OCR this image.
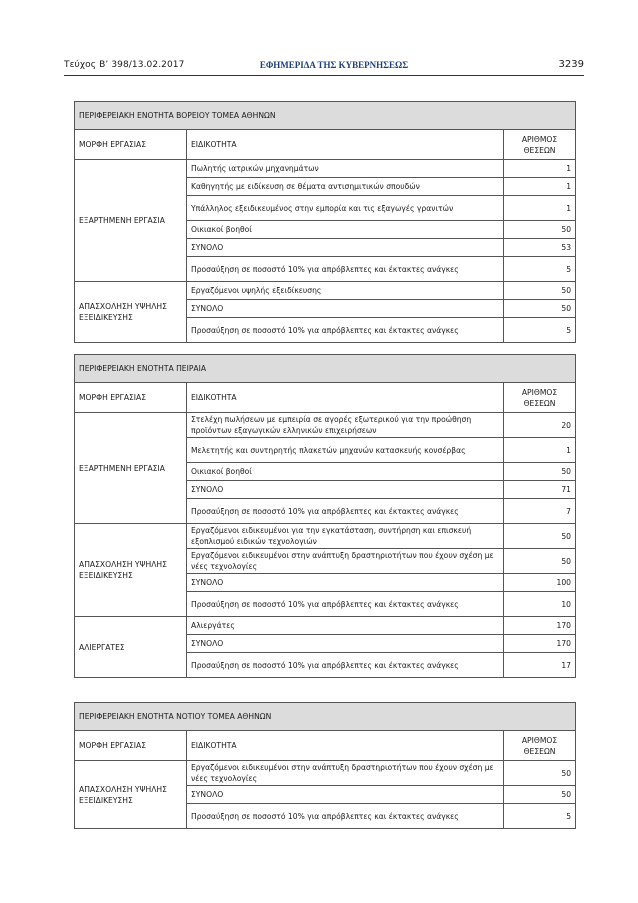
Τεύχος Β’ 398/13.02.2017	ΕΦΗΜΕΡΙΔΑ ΤΗΣ ΚΥΒΕΡΝΗΣΕΩΣ	3239
ΠΕΡΙΦΕΡΕΙΑΚΗ ΕΝΟΤΗΤΑ ΒΟΡΕΙΟΥ ΤΟΜΕΑ ΑΘΗΝΩΝ		
ΜΟΡΦΗ ΕΡΓΑΣΙΑΣ	ΕΙΔΙΚΟΤΗΤΑ	ΑΡΙΘΜΟΣ ΘΕΣΕΩΝ
ΕΞΑΡΤΗΜΕΝΗ ΕΡΓΑΣΙΑ	Πωλητής ιατρικών μηχανημάτων	1
	Καθηγητής με ειδίκευση σε θέματα αντισημιτικών σπουδών	1
	Υπάλληλος εξειδικευμένος στην εμπορία και τις εξαγωγές γρανιτών	1
	Οικιακοί βοηθοί	50
	ΣΥΝΟΛΟ	53
	Προσαύξηση σε ποσοστό 10% για απρόβλεπτες και έκτακτες ανάγκες	5
ΑΠΑΣΧΟΛΗΣΗ ΥΨΗΛΗΣ ΕΞΕΙΔΙΚΕΥΣΗΣ	Εργαζόμενοι υψηλής εξειδίκευσης	50
	ΣΥΝΟΛΟ	50
	Προσαύξηση σε ποσοστό 10% για απρόβλεπτες και έκτακτες ανάγκες	5
ΠΕΡΙΦΕΡΕΙΑΚΗ ΕΝΟΤΗΤΑ ΠΕΙΡΑΙΑ		
ΜΟΡΦΗ ΕΡΓΑΣΙΑΣ	ΕΙΔΙΚΟΤΗΤΑ	ΑΡΙΘΜΟΣ ΘΕΣΕΩΝ
ΕΞΑΡΤΗΜΕΝΗ ΕΡΓΑΣΙΑ	Στελέχη πωλήσεων με εμπειρία σε αγορές εξωτερικού για την προώθηση προϊόντων εξαγωγικών ελληνικών επιχειρήσεων	20
	Μελετητής και συντηρητής πλακετών μηχανών κατασκευής κονσέρβας	1
	Οικιακοί βοηθοί	50
	ΣΥΝΟΛΟ	71
	Προσαύξηση σε ποσοστό 10% για απρόβλεπτες και έκτακτες ανάγκες	7
ΑΠΑΣΧΟΛΗΣΗ ΥΨΗΛΗΣ ΕΞΕΙΔΙΚΕΥΣΗΣ	Εργαζόμενοι ειδικευμένοι για την εγκατάσταση, συντήρηση και επισκευή εξοπλισμού ειδικών τεχνολογιών	50
	Εργαζόμενοι ειδικευμένοι στην ανάπτυξη δραστηριοτήτων που έχουν σχέση με νέες τεχνολογίες	50
	ΣΥΝΟΛΟ	100
	Προσαύξηση σε ποσοστό 10% για απρόβλεπτες και έκτακτες ανάγκες	10
ΑΛΙΕΡΓΑΤΕΣ	Αλιεργάτες	170
	ΣΥΝΟΛΟ	170
	Προσαύξηση σε ποσοστό 10% για απρόβλεπτες και έκτακτες ανάγκες	17
ΠΕΡΙΦΕΡΕΙΑΚΗ ΕΝΟΤΗΤΑ ΝΟΤΙΟΥ ΤΟΜΕΑ ΑΘΗΝΩΝ		
ΜΟΡΦΗ ΕΡΓΑΣΙΑΣ	ΕΙΔΙΚΟΤΗΤΑ	ΑΡΙΘΜΟΣ ΘΕΣΕΩΝ
ΑΠΑΣΧΟΛΗΣΗ ΥΨΗΛΗΣ ΕΞΕΙΔΙΚΕΥΣΗΣ	Εργαζόμενοι ειδικευμένοι στην ανάπτυξη δραστηριοτήτων που έχουν σχέση με νέες τεχνολογίες	50
	ΣΥΝΟΛΟ	50
	Προσαύξηση σε ποσοστό 10% για απρόβλεπτες και έκτακτες ανάγκες	5
